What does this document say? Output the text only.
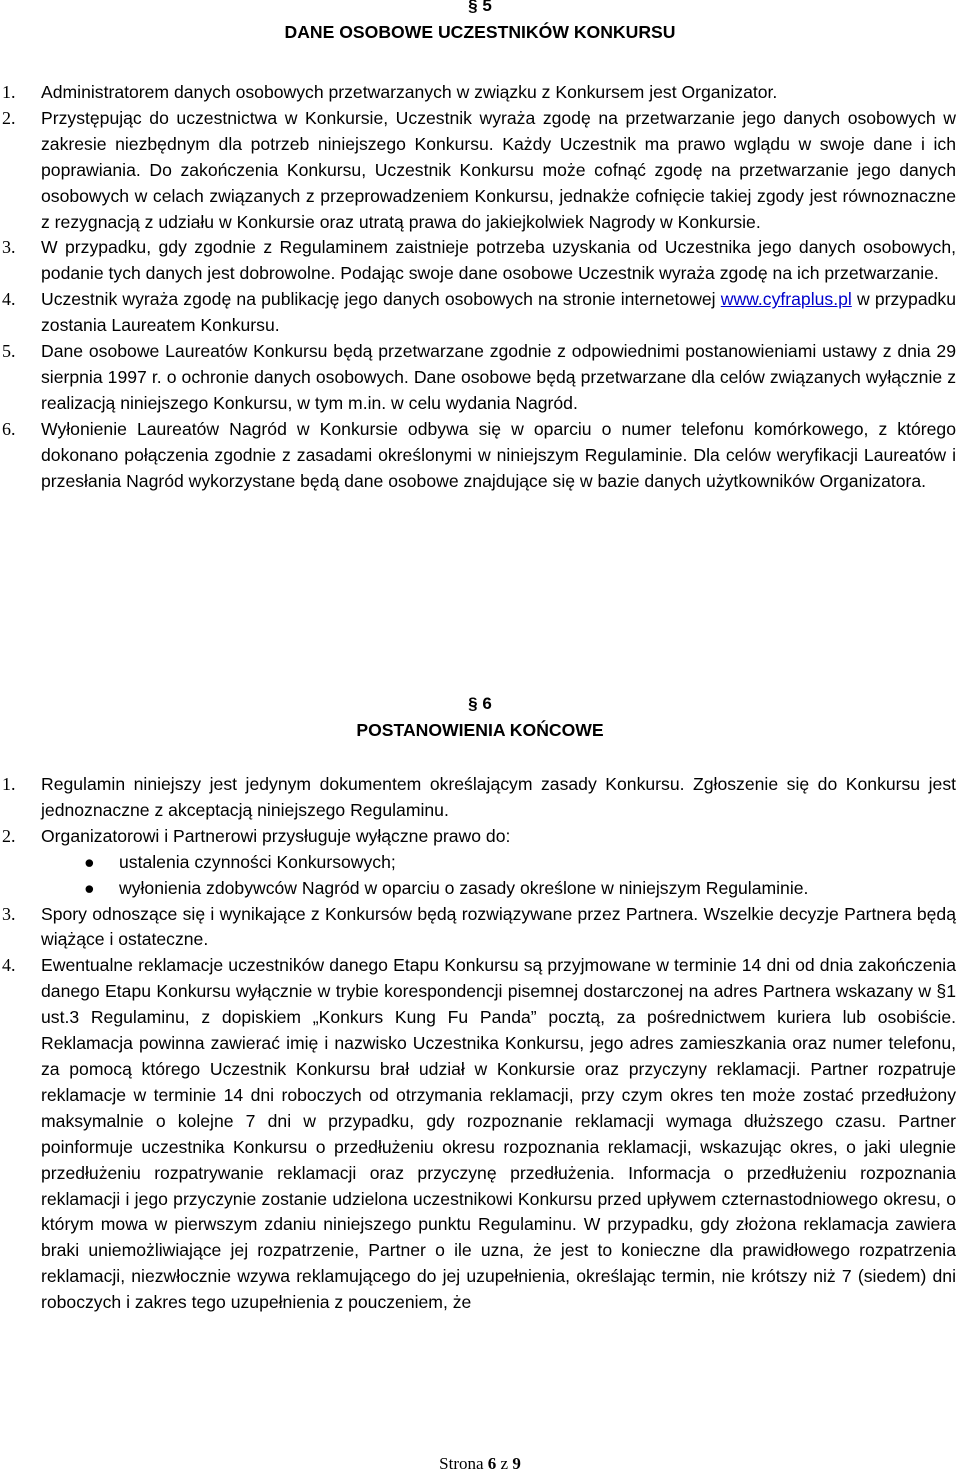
§ 5
DANE OSOBOWE UCZESTNIKÓW KONKURSU
1. Administratorem danych osobowych przetwarzanych w związku z Konkursem jest Organizator.
2. Przystępując do uczestnictwa w Konkursie, Uczestnik wyraża zgodę na przetwarzanie jego danych osobowych w zakresie niezbędnym dla potrzeb niniejszego Konkursu. Każdy Uczestnik ma prawo wglądu w swoje dane i ich poprawiania. Do zakończenia Konkursu, Uczestnik Konkursu może cofnąć zgodę na przetwarzanie jego danych osobowych w celach związanych z przeprowadzeniem Konkursu, jednakże cofnięcie takiej zgody jest równoznaczne z rezygnacją z udziału w Konkursie oraz utratą prawa do jakiejkolwiek Nagrody w Konkursie.
3. W przypadku, gdy zgodnie z Regulaminem zaistnieje potrzeba uzyskania od Uczestnika jego danych osobowych, podanie tych danych jest dobrowolne. Podając swoje dane osobowe Uczestnik wyraża zgodę na ich przetwarzanie.
4. Uczestnik wyraża zgodę na publikację jego danych osobowych na stronie internetowej www.cyfraplus.pl w przypadku zostania Laureatem Konkursu.
5. Dane osobowe Laureatów Konkursu będą przetwarzane zgodnie z odpowiednimi postanowieniami ustawy z dnia 29 sierpnia 1997 r. o ochronie danych osobowych. Dane osobowe będą przetwarzane dla celów związanych wyłącznie z realizacją niniejszego Konkursu, w tym m.in. w celu wydania Nagród.
6. Wyłonienie Laureatów Nagród w Konkursie odbywa się w oparciu o numer telefonu komórkowego, z którego dokonano połączenia zgodnie z zasadami określonymi w niniejszym Regulaminie. Dla celów weryfikacji Laureatów i przesłania Nagród wykorzystane będą dane osobowe znajdujące się w bazie danych użytkowników Organizatora.
§ 6
POSTANOWIENIA KOŃCOWE
1. Regulamin niniejszy jest jedynym dokumentem określającym zasady Konkursu. Zgłoszenie się do Konkursu jest jednoznaczne z akceptacją niniejszego Regulaminu.
2. Organizatorowi i Partnerowi przysługuje wyłączne prawo do:
● ustalenia czynności Konkursowych;
● wyłonienia zdobywców Nagród w oparciu o zasady określone w niniejszym Regulaminie.
3. Spory odnoszące się i wynikające z Konkursów będą rozwiązywane przez Partnera. Wszelkie decyzje Partnera będą wiążące i ostateczne.
4. Ewentualne reklamacje uczestników danego Etapu Konkursu są przyjmowane w terminie 14 dni od dnia zakończenia danego Etapu Konkursu wyłącznie w trybie korespondencji pisemnej dostarczonej na adres Partnera wskazany w §1 ust.3 Regulaminu, z dopiskiem „Konkurs Kung Fu Panda” pocztą, za pośrednictwem kuriera lub osobiście. Reklamacja powinna zawierać imię i nazwisko Uczestnika Konkursu, jego adres zamieszkania oraz numer telefonu, za pomocą którego Uczestnik Konkursu brał udział w Konkursie oraz przyczyny reklamacji. Partner rozpatruje reklamacje w terminie 14 dni roboczych od otrzymania reklamacji, przy czym okres ten może zostać przedłużony maksymalnie o kolejne 7 dni w przypadku, gdy rozpoznanie reklamacji wymaga dłuższego czasu. Partner poinformuje uczestnika Konkursu o przedłużeniu okresu rozpoznania reklamacji, wskazując okres, o jaki ulegnie przedłużeniu rozpatrywanie reklamacji oraz przyczynę przedłużenia. Informacja o przedłużeniu rozpoznania reklamacji i jego przyczynie zostanie udzielona uczestnikowi Konkursu przed upływem czternastodniowego okresu, o którym mowa w pierwszym zdaniu niniejszego punktu Regulaminu. W przypadku, gdy złożona reklamacja zawiera braki uniemożliwiające jej rozpatrzenie, Partner o ile uzna, że jest to konieczne dla prawidłowego rozpatrzenia reklamacji, niezwłocznie wzywa reklamującego do jej uzupełnienia, określając termin, nie krótszy niż 7 (siedem) dni roboczych i zakres tego uzupełnienia z pouczeniem, że
Strona 6 z 9
